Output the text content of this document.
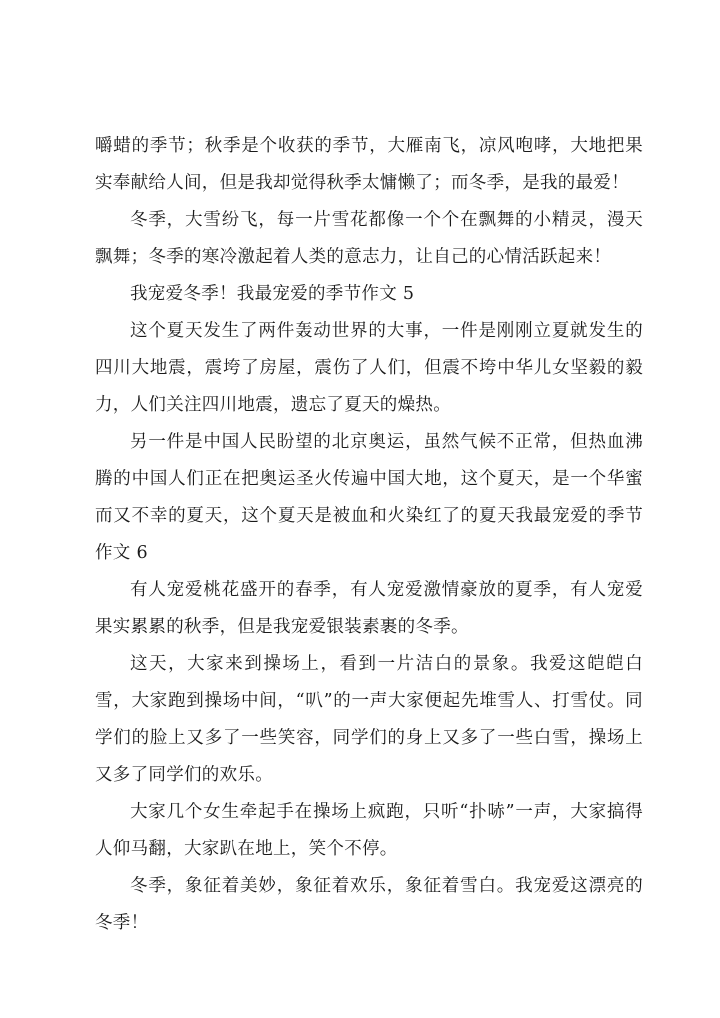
嚼蜡的季节；秋季是个收获的季节，大雁南飞，凉风咆哮，大地把果实奉献给人间，但是我却觉得秋季太慵懒了；而冬季，是我的最爱！

冬季，大雪纷飞，每一片雪花都像一个个在飘舞的小精灵，漫天飘舞；冬季的寒冷激起着人类的意志力，让自己的心情活跃起来！

我宠爱冬季！我最宠爱的季节作文 5

这个夏天发生了两件轰动世界的大事，一件是刚刚立夏就发生的四川大地震，震垮了房屋，震伤了人们，但震不垮中华儿女坚毅的毅力，人们关注四川地震，遗忘了夏天的燥热。

另一件是中国人民盼望的北京奥运，虽然气候不正常，但热血沸腾的中国人们正在把奥运圣火传遍中国大地，这个夏天，是一个华蜜而又不幸的夏天，这个夏天是被血和火染红了的夏天我最宠爱的季节作文 6

有人宠爱桃花盛开的春季，有人宠爱激情豪放的夏季，有人宠爱果实累累的秋季，但是我宠爱银装素裹的冬季。

这天，大家来到操场上，看到一片洁白的景象。我爱这皑皑白雪，大家跑到操场中间，“叭”的一声大家便起先堆雪人、打雪仗。同学们的脸上又多了一些笑容，同学们的身上又多了一些白雪，操场上又多了同学们的欢乐。

大家几个女生牵起手在操场上疯跑，只听“扑哧”一声，大家搞得人仰马翻，大家趴在地上，笑个不停。

冬季，象征着美妙，象征着欢乐，象征着雪白。我宠爱这漂亮的冬季！
